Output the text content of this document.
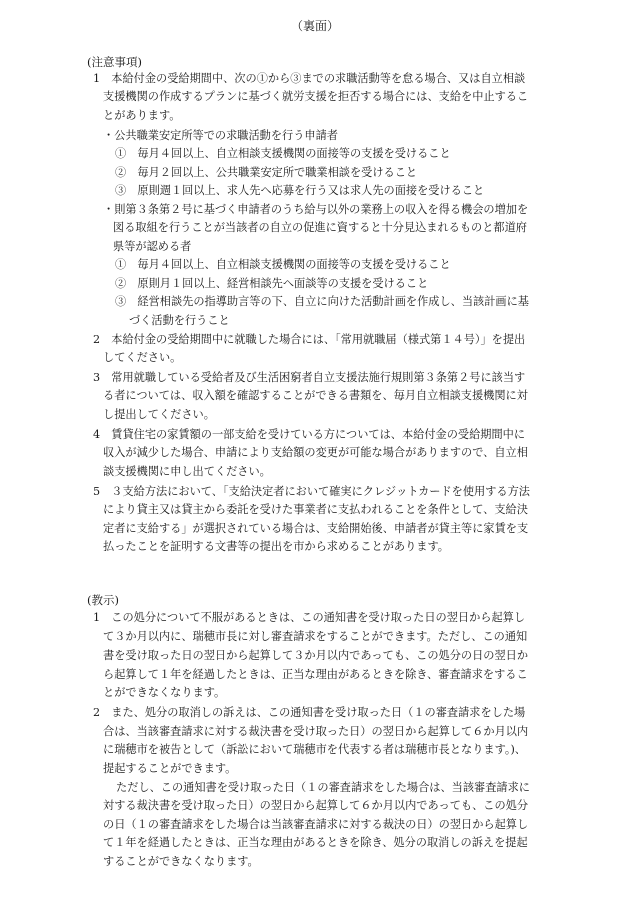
（裏面）
(注意事項)
1　本給付金の受給期間中、次の①から③までの求職活動等を怠る場合、又は自立相談
支援機関の作成するプランに基づく就労支援を拒否する場合には、支給を中止するこ
とがあります。
・公共職業安定所等での求職活動を行う申請者
①　毎月４回以上、自立相談支援機関の面接等の支援を受けること
②　毎月２回以上、公共職業安定所で職業相談を受けること
③　原則週１回以上、求人先へ応募を行う又は求人先の面接を受けること
・則第３条第２号に基づく申請者のうち給与以外の業務上の収入を得る機会の増加を
図る取組を行うことが当該者の自立の促進に資すると十分見込まれるものと都道府
県等が認める者
①　毎月４回以上、自立相談支援機関の面接等の支援を受けること
②　原則月１回以上、経営相談先へ面談等の支援を受けること
③　経営相談先の指導助言等の下、自立に向けた活動計画を作成し、当該計画に基
づく活動を行うこと
2　本給付金の受給期間中に就職した場合には、「常用就職届（様式第１４号）」を提出
してください。
3　常用就職している受給者及び生活困窮者自立支援法施行規則第３条第２号に該当す
る者については、収入額を確認することができる書類を、毎月自立相談支援機関に対
し提出してください。
4　賃貸住宅の家賃額の一部支給を受けている方については、本給付金の受給期間中に
収入が減少した場合、申請により支給額の変更が可能な場合がありますので、自立相
談支援機関に申し出てください。
5　３支給方法において、｢支給決定者において確実にクレジットカードを使用する方法
により貸主又は貸主から委託を受けた事業者に支払われることを条件として、支給決
定者に支給する」が選択されている場合は、支給開始後、申請者が貸主等に家賃を支
払ったことを証明する文書等の提出を市から求めることがあります。
(教示)
1　この処分について不服があるときは、この通知書を受け取った日の翌日から起算し
て３か月以内に、瑞穂市長に対し審査請求をすることができます。ただし、この通知
書を受け取った日の翌日から起算して３か月以内であっても、この処分の日の翌日か
ら起算して１年を経過したときは、正当な理由があるときを除き、審査請求をするこ
とができなくなります。
2　また、処分の取消しの訴えは、この通知書を受け取った日（１の審査請求をした場
合は、当該審査請求に対する裁決書を受け取った日）の翌日から起算して６か月以内
に瑞穂市を被告として（訴訟において瑞穂市を代表する者は瑞穂市長となります。)、
提起することができます。
ただし、この通知書を受け取った日（１の審査請求をした場合は、当該審査請求に
対する裁決書を受け取った日）の翌日から起算して６か月以内であっても、この処分
の日（１の審査請求をした場合は当該審査請求に対する裁決の日）の翌日から起算し
て１年を経過したときは、正当な理由があるときを除き、処分の取消しの訴えを提起
することができなくなります。
